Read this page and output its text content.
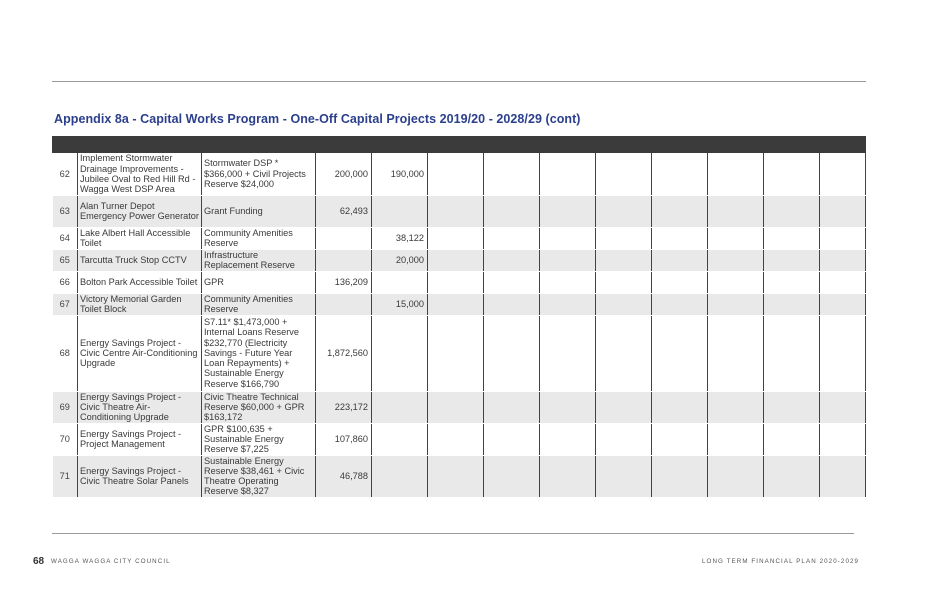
Appendix 8a - Capital Works Program - One-Off Capital Projects 2019/20 - 2028/29 (cont)

62	Implement Stormwater Drainage Improvements - Jubilee Oval to Red Hill Rd - Wagga West DSP Area	Stormwater DSP * $366,000 + Civil Projects Reserve $24,000	200,000	190,000								
63	Alan Turner Depot Emergency Power Generator	Grant Funding	62,493									
64	Lake Albert Hall Accessible Toilet	Community Amenities Reserve		38,122								
65	Tarcutta Truck Stop CCTV	Infrastructure Replacement Reserve		20,000								
66	Bolton Park Accessible Toilet	GPR	136,209									
67	Victory Memorial Garden Toilet Block	Community Amenities Reserve		15,000								
68	Energy Savings Project - Civic Centre Air-Conditioning Upgrade	S7.11* $1,473,000 + Internal Loans Reserve $232,770 (Electricity Savings - Future Year Loan Repayments) + Sustainable Energy Reserve $166,790	1,872,560									
69	Energy Savings Project - Civic Theatre Air-Conditioning Upgrade	Civic Theatre Technical Reserve $60,000 + GPR $163,172	223,172									
70	Energy Savings Project - Project Management	GPR $100,635 + Sustainable Energy Reserve $7,225	107,860									
71	Energy Savings Project - Civic Theatre Solar Panels	Sustainable Energy Reserve $38,461 + Civic Theatre Operating Reserve $8,327	46,788									
68 WAGGA WAGGA CITY COUNCIL	LONG TERM FINANCIAL PLAN 2020-2029
